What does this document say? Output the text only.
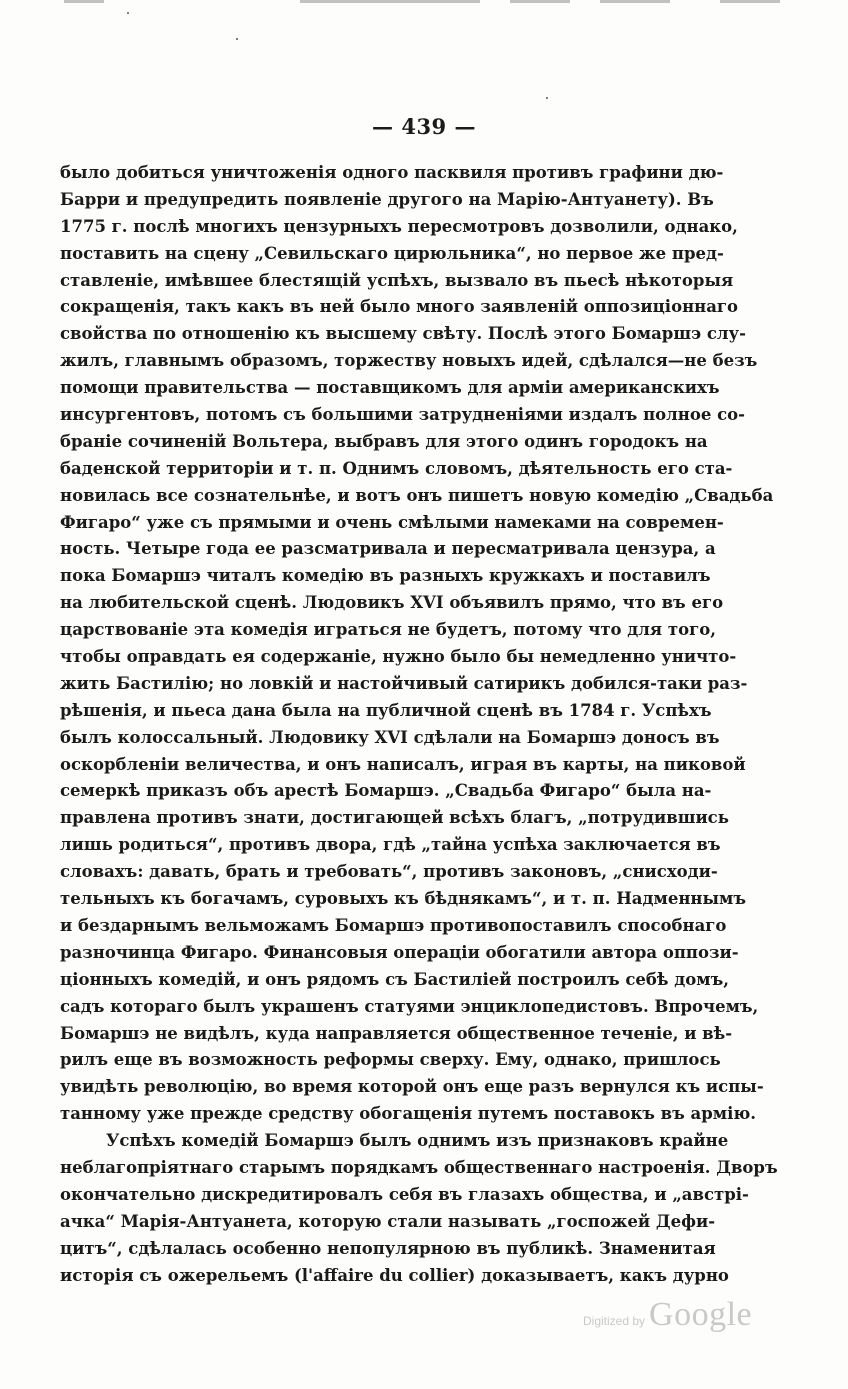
— 439 —
было добиться уничтоженія одного пасквиля противъ графини дю-
Барри и предупредить появленіе другого на Марію-Антуанету). Въ
1775 г. послѣ многихъ цензурныхъ пересмотровъ дозволили, однако,
поставить на сцену „Севильскаго цирюльника“, но первое же пред-
ставленіе, имѣвшее блестящій успѣхъ, вызвало въ пьесѣ нѣкоторыя
сокращенія, такъ какъ въ ней было много заявленій оппозиціоннаго
свойства по отношенію къ высшему свѣту. Послѣ этого Бомаршэ слу-
жилъ, главнымъ образомъ, торжеству новыхъ идей, сдѣлался—не безъ
помощи правительства — поставщикомъ для арміи американскихъ
инсургентовъ, потомъ съ большими затрудненіями издалъ полное со-
браніе сочиненій Вольтера, выбравъ для этого одинъ городокъ на
баденской территоріи и т. п. Однимъ словомъ, дѣятельность его ста-
новилась все сознательнѣе, и вотъ онъ пишетъ новую комедію „Свадьба
Фигаро“ уже съ прямыми и очень смѣлыми намеками на современ-
ность. Четыре года ее разсматривала и пересматривала цензура, а
пока Бомаршэ читалъ комедію въ разныхъ кружкахъ и поставилъ
на любительской сценѣ. Людовикъ XVI объявилъ прямо, что въ его
царствованіе эта комедія играться не будетъ, потому что для того,
чтобы оправдать ея содержаніе, нужно было бы немедленно уничто-
жить Бастилію; но ловкій и настойчивый сатирикъ добился-таки раз-
рѣшенія, и пьеса дана была на публичной сценѣ въ 1784 г. Успѣхъ
былъ колоссальный. Людовику XVI сдѣлали на Бомаршэ доносъ въ
оскорбленіи величества, и онъ написалъ, играя въ карты, на пиковой
семеркѣ приказъ объ арестѣ Бомаршэ. „Свадьба Фигаро“ была на-
правлена противъ знати, достигающей всѣхъ благъ, „потрудившись
лишь родиться“, противъ двора, гдѣ „тайна успѣха заключается въ
словахъ: давать, брать и требовать“, противъ законовъ, „снисходи-
тельныхъ къ богачамъ, суровыхъ къ бѣднякамъ“, и т. п. Надменнымъ
и бездарнымъ вельможамъ Бомаршэ противопоставилъ способнаго
разночинца Фигаро. Финансовыя операціи обогатили автора оппози-
ціонныхъ комедій, и онъ рядомъ съ Бастиліей построилъ себѣ домъ,
садъ котораго былъ украшенъ статуями энциклопедистовъ. Впрочемъ,
Бомаршэ не видѣлъ, куда направляется общественное теченіе, и вѣ-
рилъ еще въ возможность реформы сверху. Ему, однако, пришлось
увидѣть революцію, во время которой онъ еще разъ вернулся къ испы-
танному уже прежде средству обогащенія путемъ поставокъ въ армію.
Успѣхъ комедій Бомаршэ былъ однимъ изъ признаковъ крайне
неблагопріятнаго старымъ порядкамъ общественнаго настроенія. Дворъ
окончательно дискредитировалъ себя въ глазахъ общества, и „австрі-
ачка“ Марія-Антуанета, которую стали называть „госпожей Дефи-
цитъ“, сдѣлалась особенно непопулярною въ публикѣ. Знаменитая
исторія съ ожерельемъ (l'affaire du collier) доказываетъ, какъ дурно
Digitized by Google
